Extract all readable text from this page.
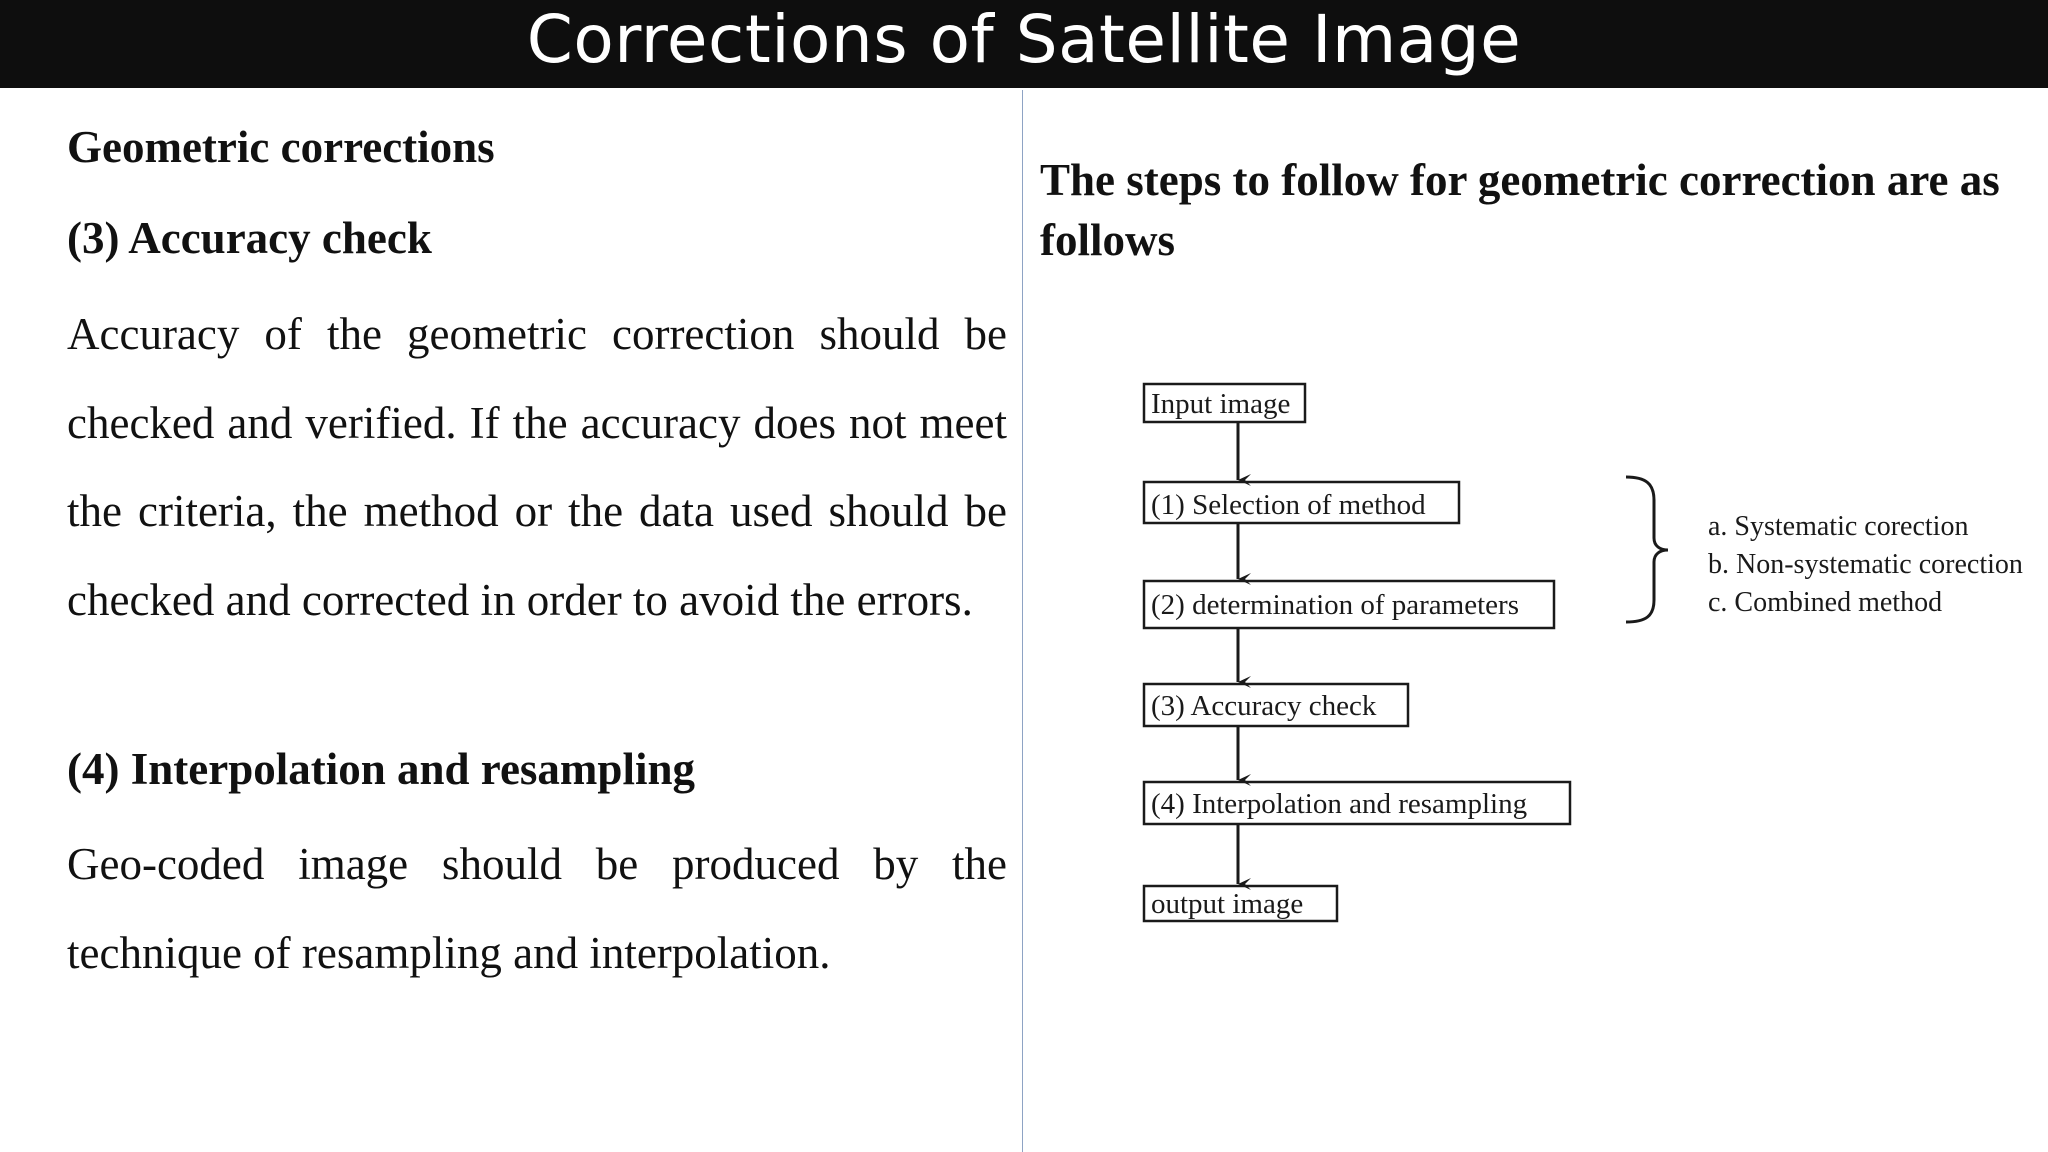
Corrections of Satellite Image
Geometric corrections
(3) Accuracy check
Accuracy of the geometric correction should be checked and verified. If the accuracy does not meet the criteria, the method or the data used should be checked and corrected in order to avoid the errors.
(4) Interpolation and resampling
Geo-coded image should be produced by the technique of resampling and interpolation.
The steps to follow for geometric correction are as follows
Input image
(1) Selection of method
(2) determination of parameters
(3) Accuracy check
(4) Interpolation and resampling
output image
a. Systematic corection
b. Non-systematic corection
c. Combined method
